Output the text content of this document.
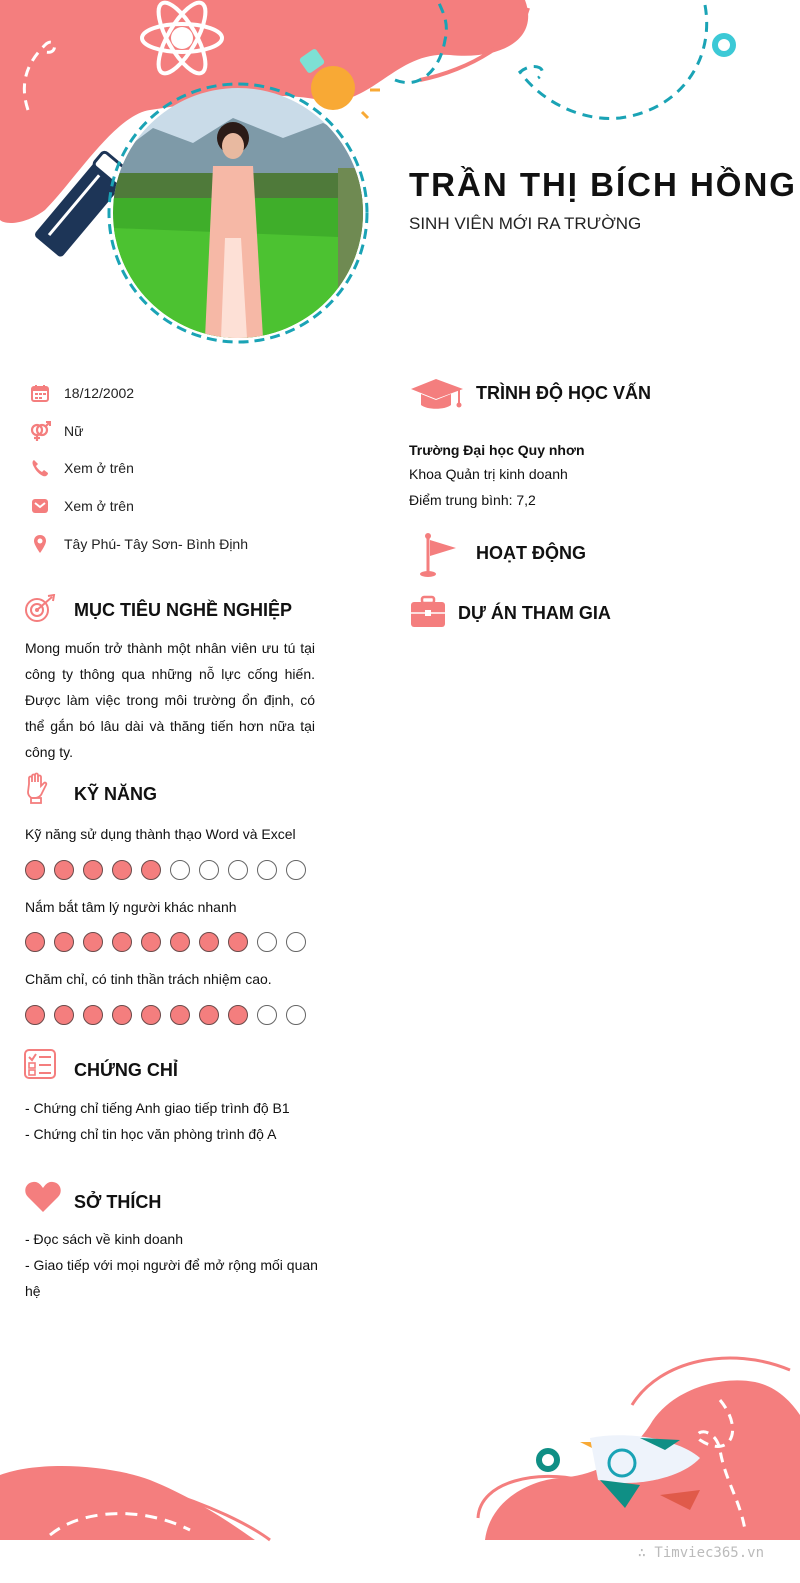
TRẦN THỊ BÍCH HỒNG
SINH VIÊN MỚI RA TRƯỜNG
18/12/2002
Nữ
Xem ở trên
Xem ở trên
Tây Phú- Tây Sơn- Bình Định
MỤC TIÊU NGHỀ NGHIỆP
Mong muốn trở thành một nhân viên ưu tú tại công ty thông qua những nỗ lực cống hiến. Được làm việc trong môi trường ổn định, có thể gắn bó lâu dài và thăng tiến hơn nữa tại công ty.
KỸ NĂNG
Kỹ năng sử dụng thành thạo Word và Excel
Nắm bắt tâm lý người khác nhanh
Chăm chỉ, có tinh thần trách nhiệm cao.
CHỨNG CHỈ
- Chứng chỉ tiếng Anh giao tiếp trình độ B1
- Chứng chỉ tin học văn phòng trình độ A
SỞ THÍCH
- Đọc sách về kinh doanh
- Giao tiếp với mọi người để mở rộng mối quan hệ
TRÌNH ĐỘ HỌC VẤN
Trường Đại học Quy nhơn
Khoa Quản trị kinh doanh
Điểm trung bình: 7,2
HOẠT ĐỘNG
DỰ ÁN THAM GIA
∴ Timviec365.vn
